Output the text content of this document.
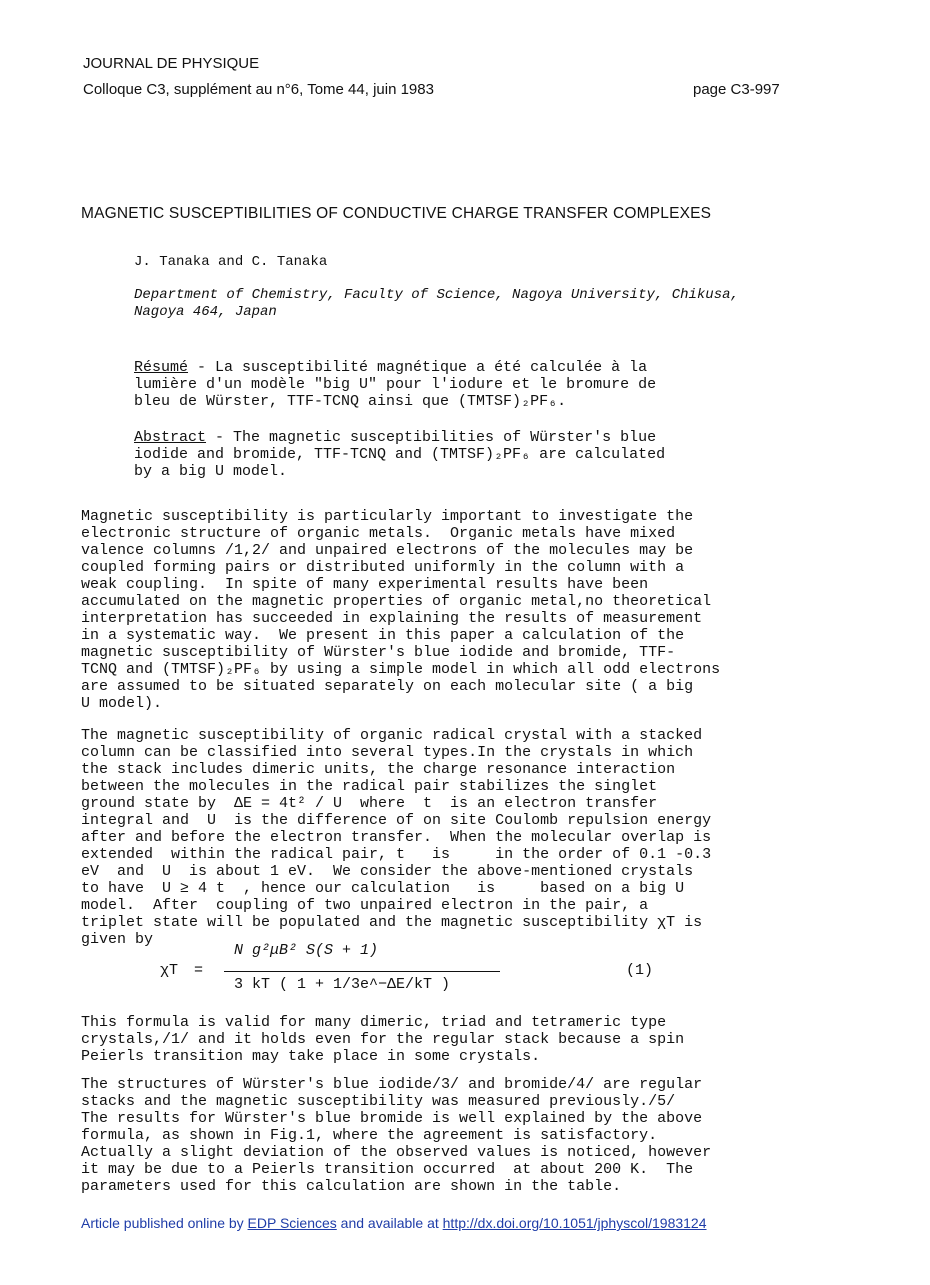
JOURNAL DE PHYSIQUE
Colloque C3, supplément au n°6, Tome 44, juin 1983	page C3-997
MAGNETIC SUSCEPTIBILITIES OF CONDUCTIVE CHARGE TRANSFER COMPLEXES
J. Tanaka and C. Tanaka
Department of Chemistry, Faculty of Science, Nagoya University, Chikusa, Nagoya 464, Japan
Résumé - La susceptibilité magnétique a été calculée à la
lumière d'un modèle "big U" pour l'iodure et le bromure de
bleu de Würster, TTF-TCNQ ainsi que (TMTSF)₂PF₆.
Abstract - The magnetic susceptibilities of Würster's blue
iodide and bromide, TTF-TCNQ and (TMTSF)₂PF₆ are calculated
by a big U model.
Magnetic susceptibility is particularly important to investigate the
electronic structure of organic metals.  Organic metals have mixed
valence columns /1,2/ and unpaired electrons of the molecules may be
coupled forming pairs or distributed uniformly in the column with a
weak coupling.  In spite of many experimental results have been
accumulated on the magnetic properties of organic metal,no theoretical
interpretation has succeeded in explaining the results of measurement
in a systematic way.  We present in this paper a calculation of the
magnetic susceptibility of Würster's blue iodide and bromide, TTF-
TCNQ and (TMTSF)₂PF₆ by using a simple model in which all odd electrons
are assumed to be situated separately on each molecular site ( a big
U model).
The magnetic susceptibility of organic radical crystal with a stacked
column can be classified into several types.In the crystals in which
the stack includes dimeric units, the charge resonance interaction
between the molecules in the radical pair stabilizes the singlet
ground state by  ΔE = 4t² / U  where  t  is an electron transfer
integral and  U  is the difference of on site Coulomb repulsion energy
after and before the electron transfer.  When the molecular overlap is
extended  within the radical pair, t   is     in the order of 0.1 -0.3
eV  and  U  is about 1 eV.  We consider the above-mentioned crystals
to have  U ≥ 4 t  , hence our calculation   is     based on a big U
model.  After  coupling of two unpaired electron in the pair, a
triplet state will be populated and the magnetic susceptibility χT is
given by
χT =
N g²μB² S(S + 1)
3 kT ( 1 + 1/3e^−ΔE/kT )
(1)
This formula is valid for many dimeric, triad and tetrameric type
crystals,/1/ and it holds even for the regular stack because a spin
Peierls transition may take place in some crystals.
The structures of Würster's blue iodide/3/ and bromide/4/ are regular
stacks and the magnetic susceptibility was measured previously./5/
The results for Würster's blue bromide is well explained by the above
formula, as shown in Fig.1, where the agreement is satisfactory.
Actually a slight deviation of the observed values is noticed, however
it may be due to a Peierls transition occurred  at about 200 K.  The
parameters used for this calculation are shown in the table.
Article published online by EDP Sciences and available at http://dx.doi.org/10.1051/jphyscol/1983124
